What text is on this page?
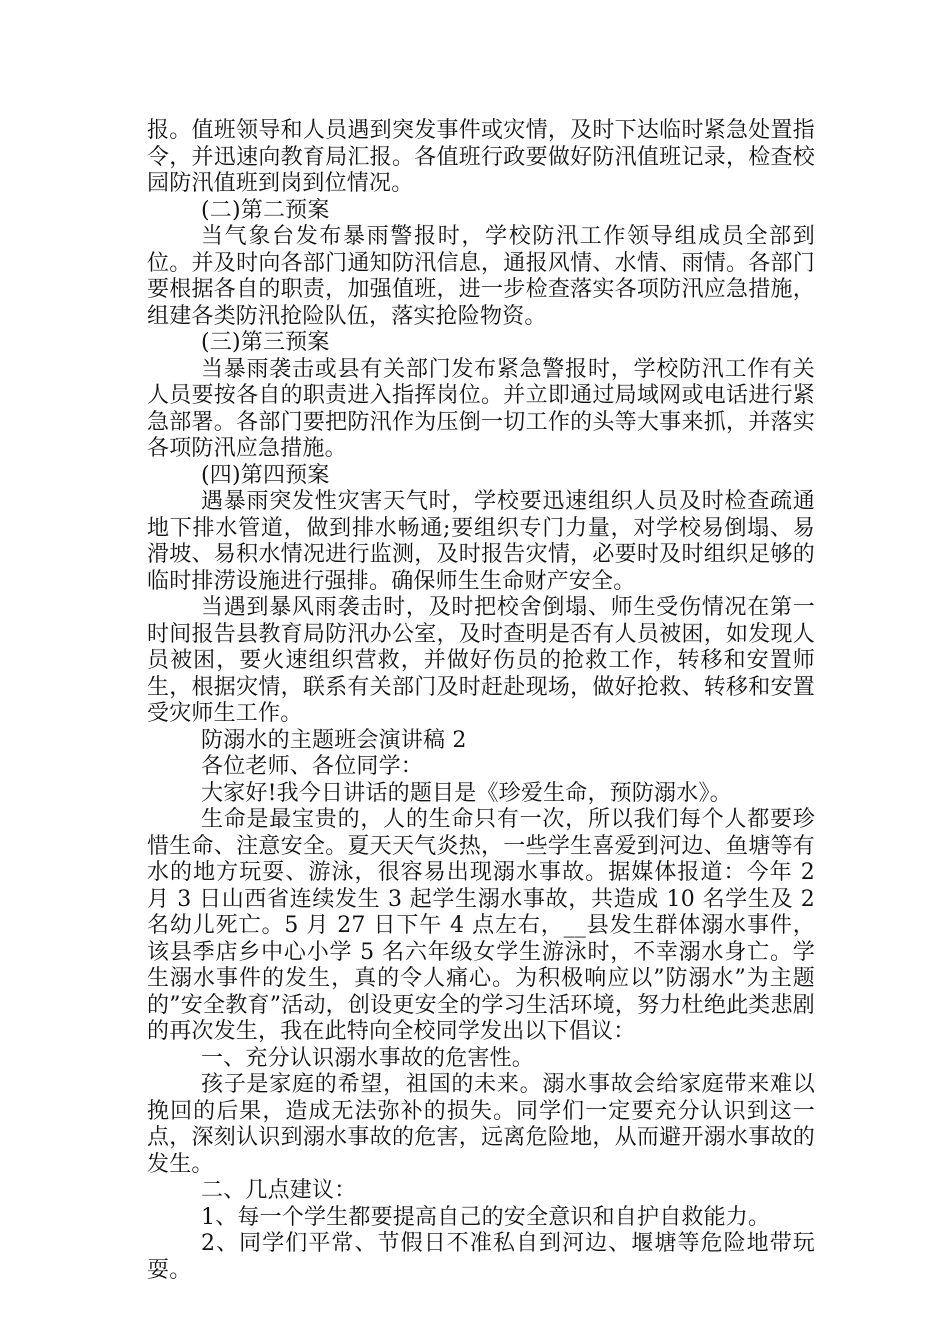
报。值班领导和人员遇到突发事件或灾情，及时下达临时紧急处置指令，并迅速向教育局汇报。各值班行政要做好防汛值班记录，检查校园防汛值班到岗到位情况。

(二)第二预案

当气象台发布暴雨警报时，学校防汛工作领导组成员全部到位。并及时向各部门通知防汛信息，通报风情、水情、雨情。各部门要根据各自的职责，加强值班，进一步检查落实各项防汛应急措施，组建各类防汛抢险队伍，落实抢险物资。

(三)第三预案

当暴雨袭击或县有关部门发布紧急警报时，学校防汛工作有关人员要按各自的职责进入指挥岗位。并立即通过局域网或电话进行紧急部署。各部门要把防汛作为压倒一切工作的头等大事来抓，并落实各项防汛应急措施。

(四)第四预案

遇暴雨突发性灾害天气时，学校要迅速组织人员及时检查疏通地下排水管道，做到排水畅通;要组织专门力量，对学校易倒塌、易滑坡、易积水情况进行监测，及时报告灾情，必要时及时组织足够的临时排涝设施进行强排。确保师生生命财产安全。

当遇到暴风雨袭击时，及时把校舍倒塌、师生受伤情况在第一时间报告县教育局防汛办公室，及时查明是否有人员被困，如发现人员被困，要火速组织营救，并做好伤员的抢救工作，转移和安置师生，根据灾情，联系有关部门及时赶赴现场，做好抢救、转移和安置受灾师生工作。

防溺水的主题班会演讲稿 2

各位老师、各位同学：

大家好!我今日讲话的题目是《珍爱生命，预防溺水》。

生命是最宝贵的，人的生命只有一次，所以我们每个人都要珍惜生命、注意安全。夏天天气炎热，一些学生喜爱到河边、鱼塘等有水的地方玩耍、游泳，很容易出现溺水事故。据媒体报道：今年 2 月 3 日山西省连续发生 3 起学生溺水事故，共造成 10 名学生及 2 名幼儿死亡。5 月 27 日下午 4 点左右，__县发生群体溺水事件，该县季店乡中心小学 5 名六年级女学生游泳时，不幸溺水身亡。学生溺水事件的发生，真的令人痛心。为积极响应以”防溺水”为主题的”安全教育”活动，创设更安全的学习生活环境，努力杜绝此类悲剧的再次发生，我在此特向全校同学发出以下倡议：

一、充分认识溺水事故的危害性。

孩子是家庭的希望，祖国的未来。溺水事故会给家庭带来难以挽回的后果，造成无法弥补的损失。同学们一定要充分认识到这一点，深刻认识到溺水事故的危害，远离危险地，从而避开溺水事故的发生。

二、几点建议：

1、每一个学生都要提高自己的安全意识和自护自救能力。

2、同学们平常、节假日不准私自到河边、堰塘等危险地带玩耍。
